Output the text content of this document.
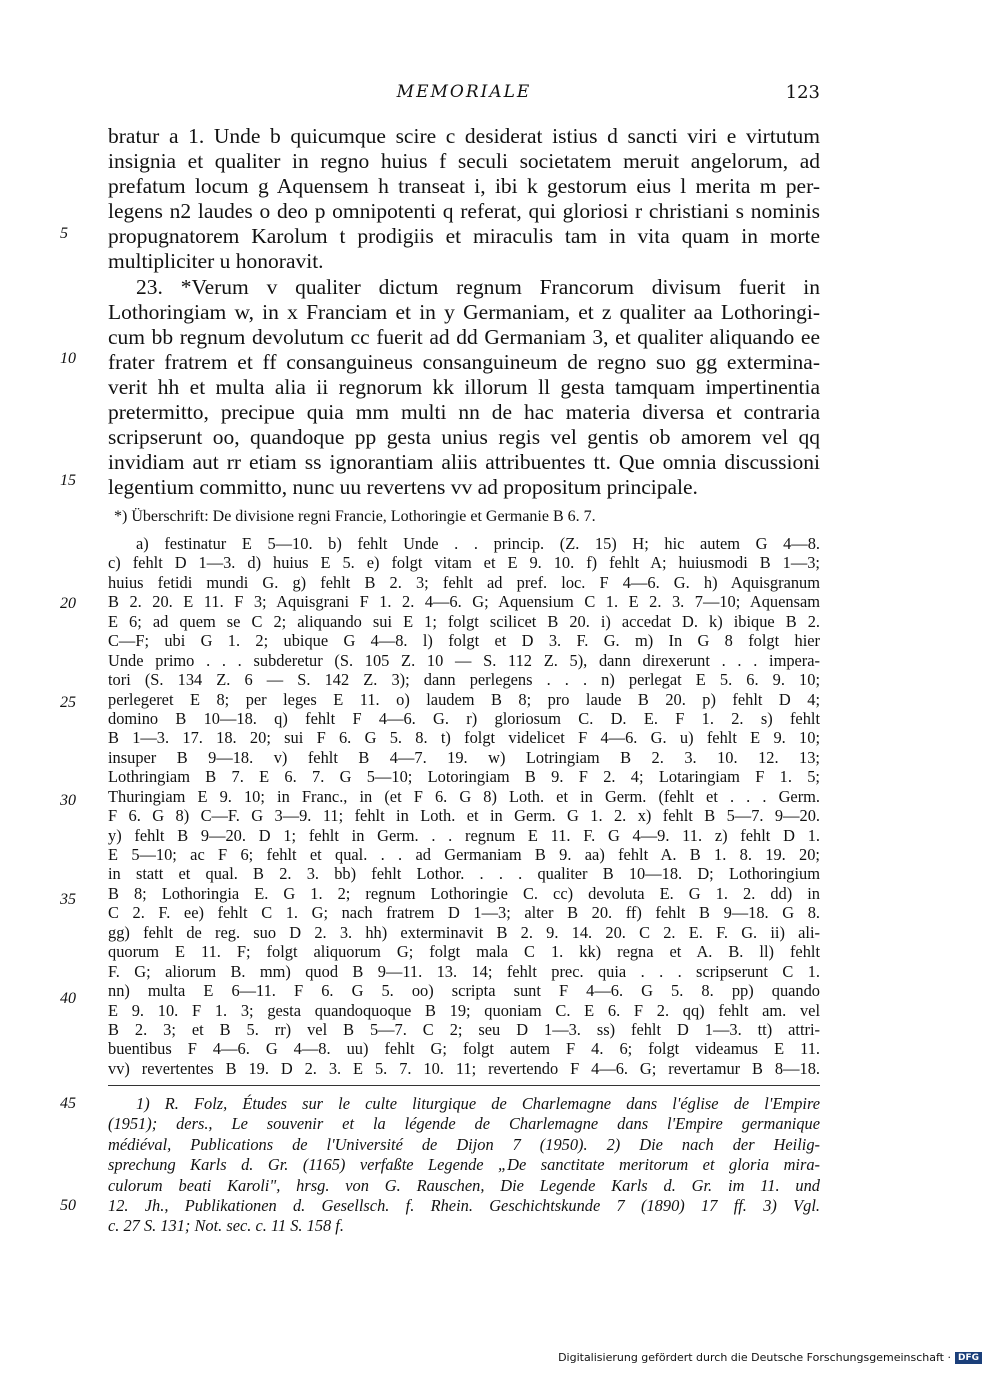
MEMORIALE	123
bratur a 1. Unde b quicumque scire c desiderat istius d sancti viri e virtutum
insignia et qualiter in regno huius f seculi societatem meruit angelorum, ad
prefatum locum g Aquensem h transeat i, ibi k gestorum eius l merita m per-
legens n2 laudes o deo p omnipotenti q referat, qui gloriosi r christiani s nominis
propugnatorem Karolum t prodigiis et miraculis tam in vita quam in morte
multipliciter u honoravit.
23. *Verum v qualiter dictum regnum Francorum divisum fuerit in
Lothoringiam w, in x Franciam et in y Germaniam, et z qualiter aa Lothoringi-
cum bb regnum devolutum cc fuerit ad dd Germaniam 3, et qualiter aliquando ee
frater fratrem et ff consanguineus consanguineum de regno suo gg extermina-
verit hh et multa alia ii regnorum kk illorum ll gesta tamquam impertinentia
pretermitto, precipue quia mm multi nn de hac materia diversa et contraria
scripserunt oo, quandoque pp gesta unius regis vel gentis ob amorem vel qq
invidiam aut rr etiam ss ignorantiam aliis attribuentes tt. Que omnia discussioni
legentium committo, nunc uu revertens vv ad propositum principale.
*) Überschrift: De divisione regni Francie, Lothoringie et Germanie B 6. 7.
a) festinatur E 5—10. b) fehlt Unde . . princip. (Z. 15) H; hic autem G 4—8.
c) fehlt D 1—3. d) huius E 5. e) folgt vitam et E 9. 10. f) fehlt A; huiusmodi B 1—3;
huius fetidi mundi G. g) fehlt B 2. 3; fehlt ad pref. loc. F 4—6. G. h) Aquisgranum
B 2. 20. E 11. F 3; Aquisgrani F 1. 2. 4—6. G; Aquensium C 1. E 2. 3. 7—10; Aquensam
E 6; ad quem se C 2; aliquando sui E 1; folgt scilicet B 20. i) accedat D. k) ibique B 2.
C—F; ubi G 1. 2; ubique G 4—8. l) folgt et D 3. F. G. m) In G 8 folgt hier
Unde primo . . . subderetur (S. 105 Z. 10 — S. 112 Z. 5), dann direxerunt . . . impera-
tori (S. 134 Z. 6 — S. 142 Z. 3); dann perlegens . . . n) perlegat E 5. 6. 9. 10;
perlegeret E 8; per leges E 11. o) laudem B 8; pro laude B 20. p) fehlt D 4;
domino B 10—18. q) fehlt F 4—6. G. r) gloriosum C. D. E. F 1. 2. s) fehlt
B 1—3. 17. 18. 20; sui F 6. G 5. 8. t) folgt videlicet F 4—6. G. u) fehlt E 9. 10;
insuper B 9—18. v) fehlt B 4—7. 19. w) Lotringiam B 2. 3. 10. 12. 13;
Lothringiam B 7. E 6. 7. G 5—10; Lotoringiam B 9. F 2. 4; Lotaringiam F 1. 5;
Thuringiam E 9. 10; in Franc., in (et F 6. G 8) Loth. et in Germ. (fehlt et . . . Germ.
F 6. G 8) C—F. G 3—9. 11; fehlt in Loth. et in Germ. G 1. 2. x) fehlt B 5—7. 9—20.
y) fehlt B 9—20. D 1; fehlt in Germ. . . regnum E 11. F. G 4—9. 11. z) fehlt D 1.
E 5—10; ac F 6; fehlt et qual. . . ad Germaniam B 9. aa) fehlt A. B 1. 8. 19. 20;
in statt et qual. B 2. 3. bb) fehlt Lothor. . . . qualiter B 10—18. D; Lothoringium
B 8; Lothoringia E. G 1. 2; regnum Lothoringie C. cc) devoluta E. G 1. 2. dd) in
C 2. F. ee) fehlt C 1. G; nach fratrem D 1—3; alter B 20. ff) fehlt B 9—18. G 8.
gg) fehlt de reg. suo D 2. 3. hh) exterminavit B 2. 9. 14. 20. C 2. E. F. G. ii) ali-
quorum E 11. F; folgt aliquorum G; folgt mala C 1. kk) regna et A. B. ll) fehlt
F. G; aliorum B. mm) quod B 9—11. 13. 14; fehlt prec. quia . . . scripserunt C 1.
nn) multa E 6—11. F 6. G 5. oo) scripta sunt F 4—6. G 5. 8. pp) quando
E 9. 10. F 1. 3; gesta quandoquoque B 19; quoniam C. E 6. F 2. qq) fehlt am. vel
B 2. 3; et B 5. rr) vel B 5—7. C 2; seu D 1—3. ss) fehlt D 1—3. tt) attri-
buentibus F 4—6. G 4—8. uu) fehlt G; folgt autem F 4. 6; folgt videamus E 11.
vv) revertentes B 19. D 2. 3. E 5. 7. 10. 11; revertendo F 4—6. G; revertamur B 8—18.
1) R. Folz, Études sur le culte liturgique de Charlemagne dans l'église de l'Empire
(1951); ders., Le souvenir et la légende de Charlemagne dans l'Empire germanique
médiéval, Publications de l'Université de Dijon 7 (1950). 2) Die nach der Heilig-
sprechung Karls d. Gr. (1165) verfaßte Legende „De sanctitate meritorum et gloria mira-
culorum beati Karoli", hrsg. von G. Rauschen, Die Legende Karls d. Gr. im 11. und
12. Jh., Publikationen d. Gesellsch. f. Rhein. Geschichtskunde 7 (1890) 17 ff. 3) Vgl.
c. 27 S. 131; Not. sec. c. 11 S. 158 f.
5
10
15
20
25
30
35
40
45
50
Digitalisierung gefördert durch die Deutsche Forschungsgemeinschaft · DFG
